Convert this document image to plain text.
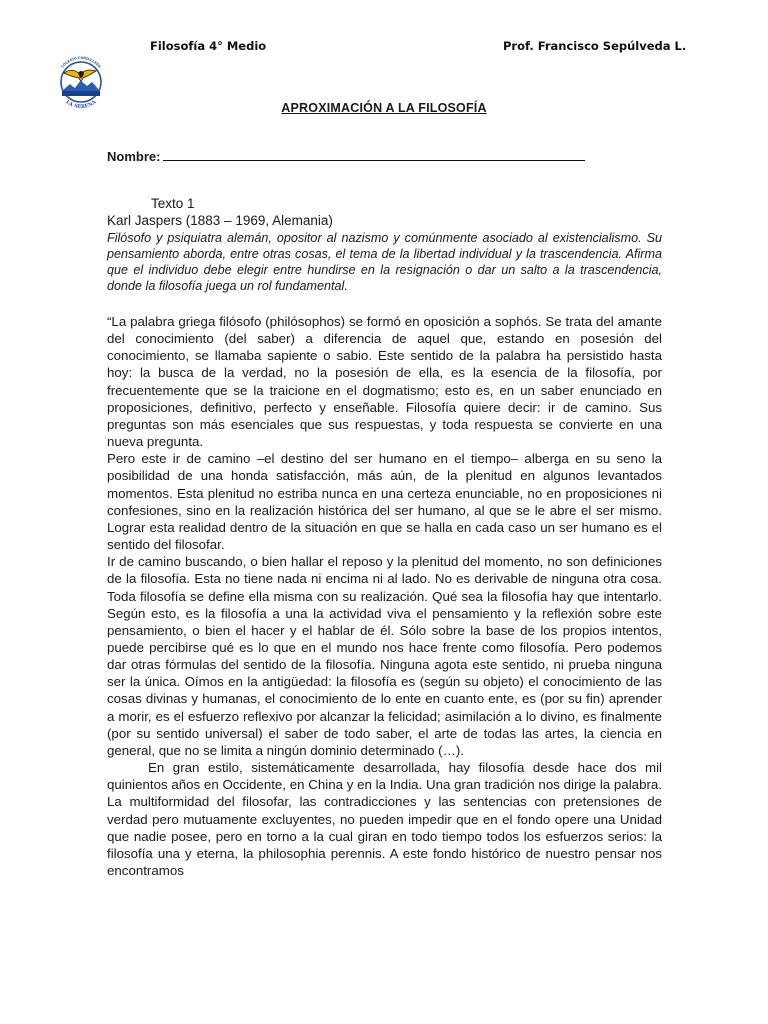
Filosofía 4° Medio	Prof. Francisco Sepúlveda L.
COLEGIO CORDILLERA
LA SERENA	APROXIMACIÓN A LA FILOSOFÍA
Nombre:
Texto 1
Karl Jaspers (1883 – 1969, Alemania)
Filósofo y psiquiatra alemán, opositor al nazismo y comúnmente asociado al existencialismo. Su pensamiento aborda, entre otras cosas, el tema de la libertad individual y la trascendencia. Afirma que el individuo debe elegir entre hundirse en la resignación o dar un salto a la trascendencia, donde la filosofía juega un rol fundamental.

“La palabra griega filósofo (philósophos) se formó en oposición a sophós. Se trata del amante del conocimiento (del saber) a diferencia de aquel que, estando en posesión del conocimiento, se llamaba sapiente o sabio. Este sentido de la palabra ha persistido hasta hoy: la busca de la verdad, no la posesión de ella, es la esencia de la filosofía, por frecuentemente que se la traicione en el dogmatismo; esto es, en un saber enunciado en proposiciones, definitivo, perfecto y enseñable. Filosofía quiere decir: ir de camino. Sus preguntas son más esenciales que sus respuestas, y toda respuesta se convierte en una nueva pregunta.

Pero este ir de camino –el destino del ser humano en el tiempo– alberga en su seno la posibilidad de una honda satisfacción, más aún, de la plenitud en algunos levantados momentos. Esta plenitud no estriba nunca en una certeza enunciable, no en proposiciones ni confesiones, sino en la realización histórica del ser humano, al que se le abre el ser mismo. Lograr esta realidad dentro de la situación en que se halla en cada caso un ser humano es el sentido del filosofar.

Ir de camino buscando, o bien hallar el reposo y la plenitud del momento, no son definiciones de la filosofía. Esta no tiene nada ni encima ni al lado. No es derivable de ninguna otra cosa. Toda filosofía se define ella misma con su realización. Qué sea la filosofía hay que intentarlo. Según esto, es la filosofía a una la actividad viva el pensamiento y la reflexión sobre este pensamiento, o bien el hacer y el hablar de él. Sólo sobre la base de los propios intentos, puede percibirse qué es lo que en el mundo nos hace frente como filosofía. Pero podemos dar otras fórmulas del sentido de la filosofía. Ninguna agota este sentido, ni prueba ninguna ser la única. Oímos en la antigüedad: la filosofía es (según su objeto) el conocimiento de las cosas divinas y humanas, el conocimiento de lo ente en cuanto ente, es (por su fin) aprender a morir, es el esfuerzo reflexivo por alcanzar la felicidad; asimilación a lo divino, es finalmente (por su sentido universal) el saber de todo saber, el arte de todas las artes, la ciencia en general, que no se limita a ningún dominio determinado (…).

En gran estilo, sistemáticamente desarrollada, hay filosofía desde hace dos mil quinientos años en Occidente, en China y en la India. Una gran tradición nos dirige la palabra. La multiformidad del filosofar, las contradicciones y las sentencias con pretensiones de verdad pero mutuamente excluyentes, no pueden impedir que en el fondo opere una Unidad que nadie posee, pero en torno a la cual giran en todo tiempo todos los esfuerzos serios: la filosofía una y eterna, la philosophia perennis. A este fondo histórico de nuestro pensar nos encontramos
